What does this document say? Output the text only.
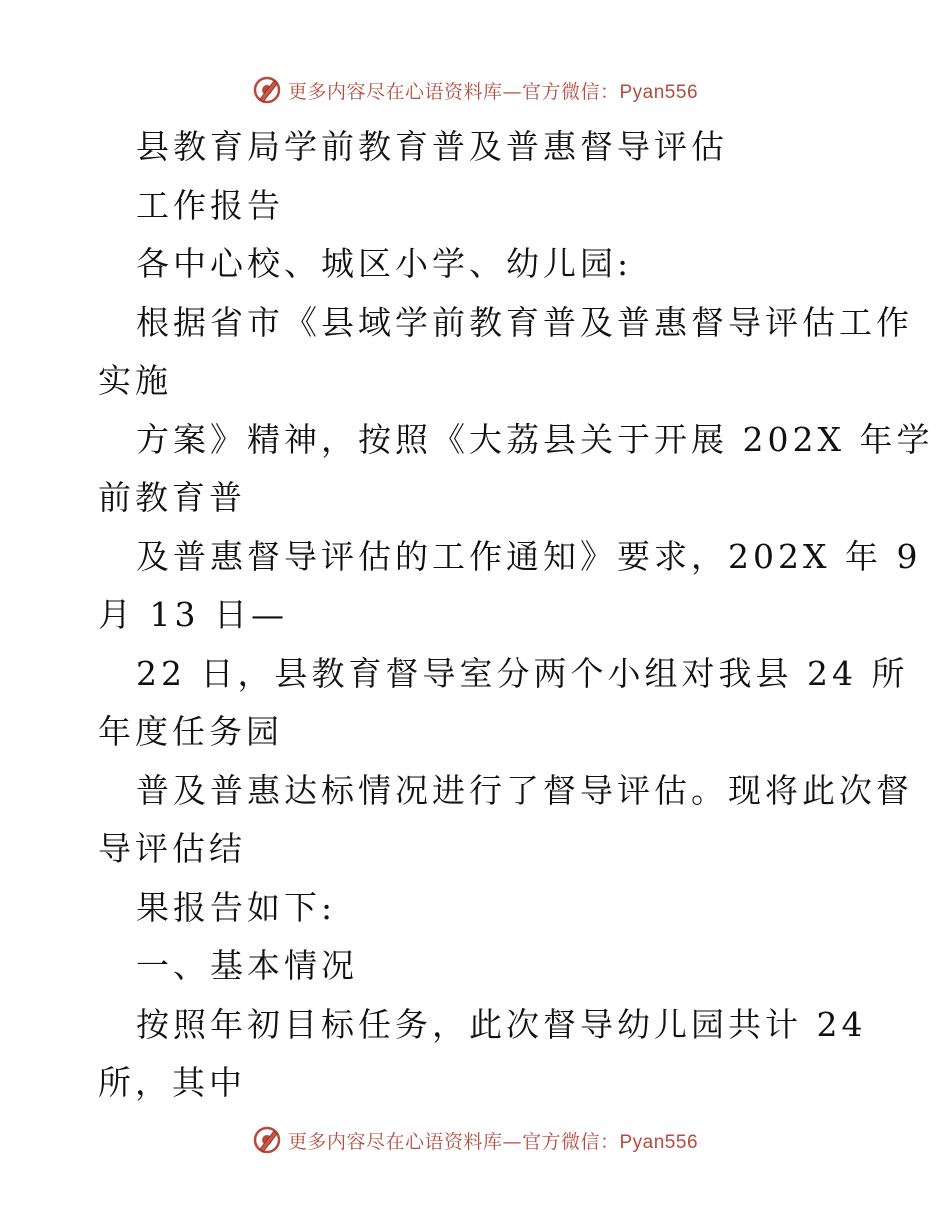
更多内容尽在心语资料库—官方微信：Pyan556
县教育局学前教育普及普惠督导评估
工作报告
各中心校、城区小学、幼儿园:
根据省市《县域学前教育普及普惠督导评估工作
实施
方案》精神，按照《大荔县关于开展 202X 年学
前教育普
及普惠督导评估的工作通知》要求，202X 年 9
月 13 日—
22 日，县教育督导室分两个小组对我县 24 所
年度任务园
普及普惠达标情况进行了督导评估。现将此次督
导评估结
果报告如下:
一、基本情况
按照年初目标任务，此次督导幼儿园共计 24
所，其中
更多内容尽在心语资料库—官方微信：Pyan556
